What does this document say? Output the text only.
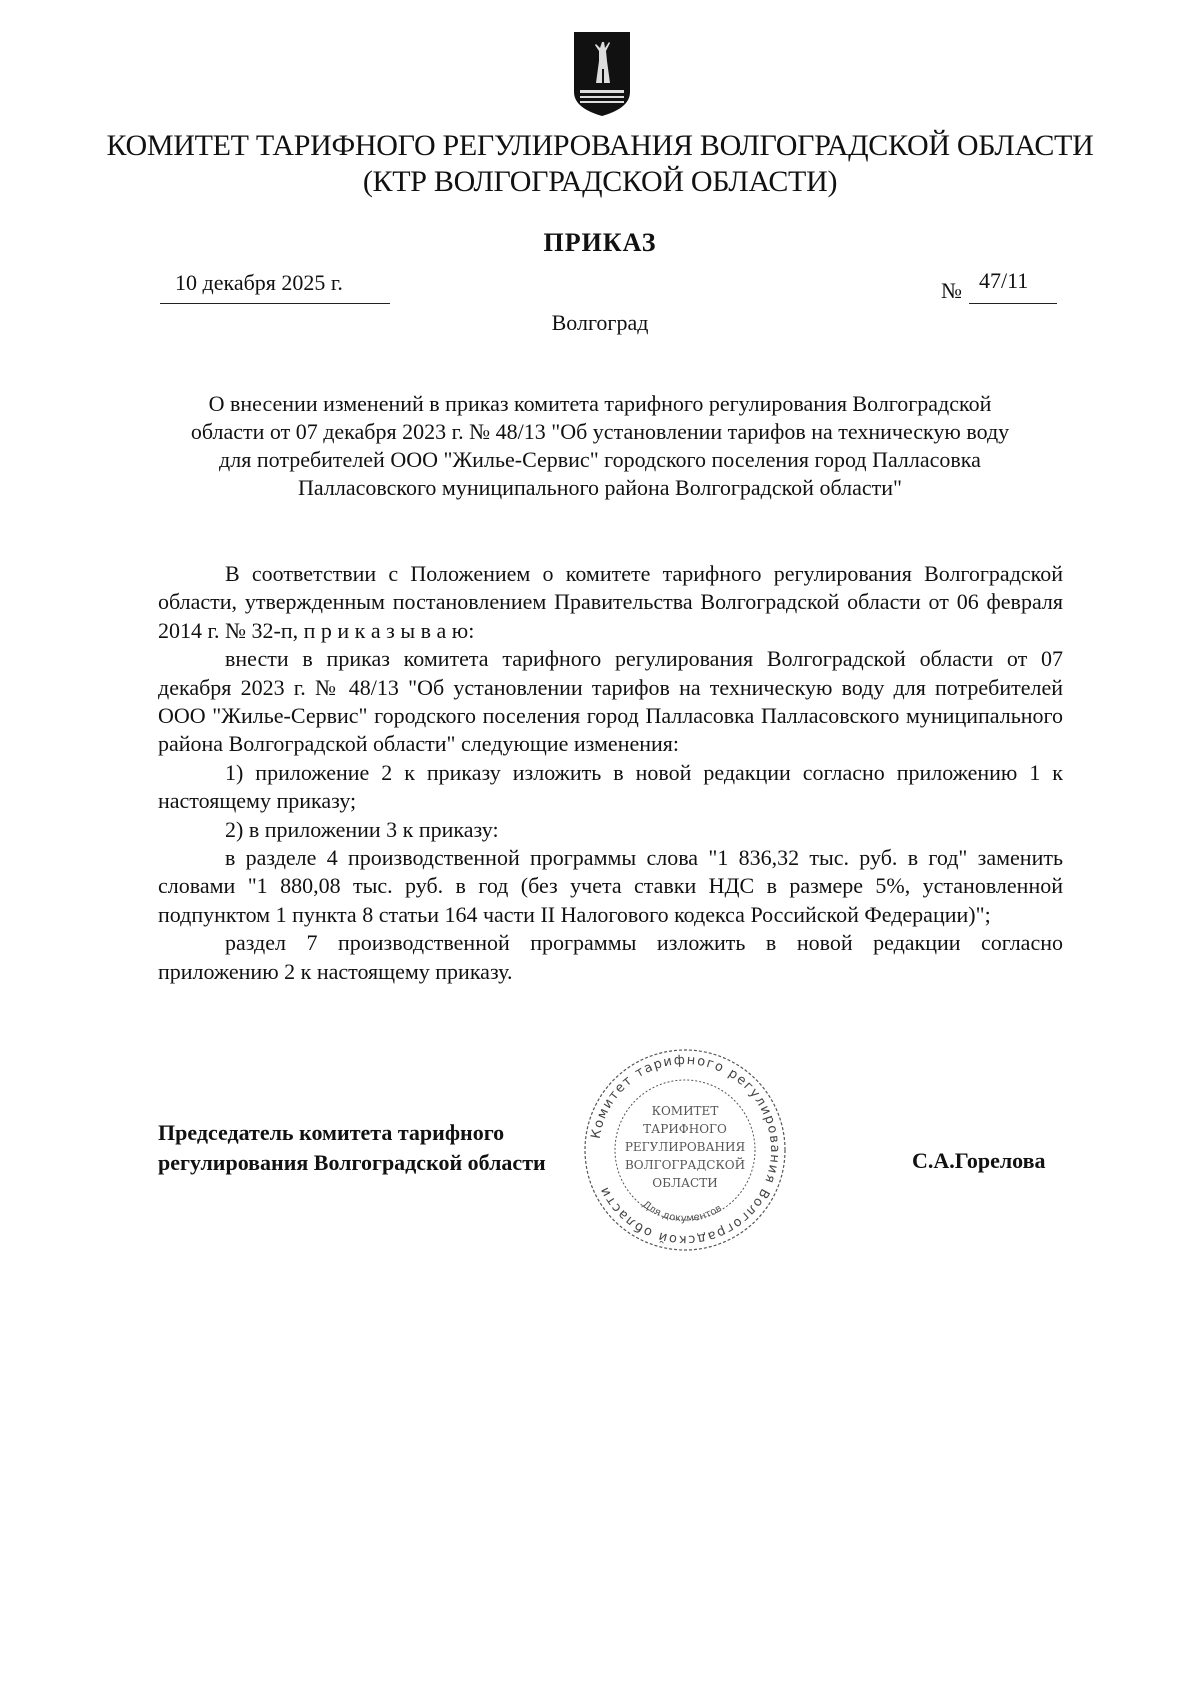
КОМИТЕТ ТАРИФНОГО РЕГУЛИРОВАНИЯ ВОЛГОГРАДСКОЙ ОБЛАСТИ
(КТР ВОЛГОГРАДСКОЙ ОБЛАСТИ)
ПРИКАЗ
10 декабря 2025 г.	№ 47/11
Волгоград
О внесении изменений в приказ комитета тарифного регулирования Волгоградской
области от 07 декабря 2023 г. № 48/13 "Об установлении тарифов на техническую воду
для потребителей ООО "Жилье-Сервис" городского поселения город Палласовка
Палласовского муниципального района Волгоградской области"

В соответствии с Положением о комитете тарифного регулирования Волгоградской области, утвержденным постановлением Правительства Волгоградской области от 06 февраля 2014 г. № 32-п, п р и к а з ы в а ю:

внести в приказ комитета тарифного регулирования Волгоградской области от 07 декабря 2023 г. № 48/13 "Об установлении тарифов на техническую воду для потребителей ООО "Жилье-Сервис" городского поселения город Палласовка Палласовского муниципального района Волгоградской области" следующие изменения:

1) приложение 2 к приказу изложить в новой редакции согласно приложению 1 к настоящему приказу;

2) в приложении 3 к приказу:

в разделе 4 производственной программы слова "1 836,32 тыс. руб. в год" заменить словами "1 880,08 тыс. руб. в год (без учета ставки НДС в размере 5%, установленной подпунктом 1 пункта 8 статьи 164 части II Налогового кодекса Российской Федерации)";

раздел 7 производственной программы изложить в новой редакции согласно приложению 2 к настоящему приказу.

Председатель комитета тарифного
регулирования Волгоградской области	С.А.Горелова
Комитет тарифного регулирования Волгоградской области
КОМИТЕТ
ТАРИФНОГО
РЕГУЛИРОВАНИЯ
ВОЛГОГРАДСКОЙ
ОБЛАСТИ
Для документов
